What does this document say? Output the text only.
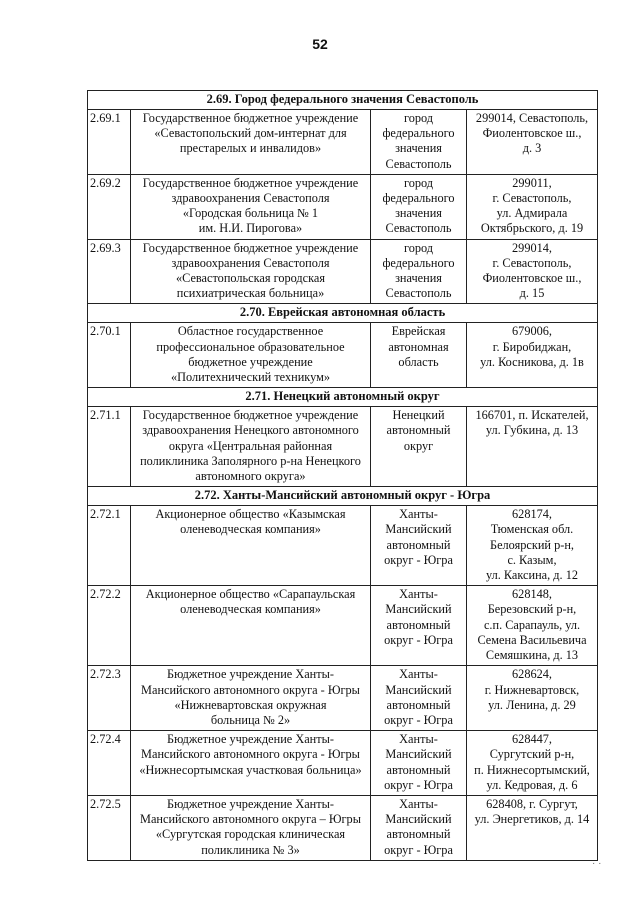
52
2.69. Город федерального значения Севастополь			
2.69.1	Государственное бюджетное учреждение
«Севастопольский дом-интернат для
престарелых и инвалидов»	город
федерального
значения
Севастополь	299014, Севастополь,
Фиолентовское ш.,
д. 3

2.69.2	Государственное бюджетное учреждение
здравоохранения Севастополя
«Городская больница № 1
им. Н.И. Пирогова»	город
федерального
значения
Севастополь	299011,
г. Севастополь,
ул. Адмирала
Октябрьского, д. 19

2.69.3	Государственное бюджетное учреждение
здравоохранения Севастополя
«Севастопольская городская
психиатрическая больница»	город
федерального
значения
Севастополь	299014,
г. Севастополь,
Фиолентовское ш.,
д. 15

2.70. Еврейская автономная область			
2.70.1	Областное государственное
профессиональное образовательное
бюджетное учреждение
«Политехнический техникум»	Еврейская
автономная
область	679006,
г. Биробиджан,
ул. Косникова, д. 1в

2.71. Ненецкий автономный округ			
2.71.1	Государственное бюджетное учреждение
здравоохранения Ненецкого автономного
округа «Центральная районная
поликлиника Заполярного р-на Ненецкого
автономного округа»	Ненецкий
автономный
округ	166701, п. Искателей,
ул. Губкина, д. 13

2.72. Ханты-Мансийский автономный округ - Югра			
2.72.1	Акционерное общество «Казымская
оленеводческая компания»	Ханты-
Мансийский
автономный
округ - Югра	628174,
Тюменская обл.
Белоярский р-н,
с. Казым,
ул. Каксина, д. 12

2.72.2	Акционерное общество «Сарапаульская
оленеводческая компания»	Ханты-
Мансийский
автономный
округ - Югра	628148,
Березовский р-н,
с.п. Сарапауль, ул.
Семена Васильевича
Семяшкина, д. 13

2.72.3	Бюджетное учреждение Ханты-
Мансийского автономного округа - Югры
«Нижневартовская окружная
больница № 2»	Ханты-
Мансийский
автономный
округ - Югра	628624,
г. Нижневартовск,
ул. Ленина, д. 29

2.72.4	Бюджетное учреждение Ханты-
Мансийского автономного округа - Югры
«Нижнесортымская участковая больница»	Ханты-
Мансийский
автономный
округ - Югра	628447,
Сургутский р-н,
п. Нижнесортымский,
ул. Кедровая, д. 6

2.72.5	Бюджетное учреждение Ханты-
Мансийского автономного округа – Югры
«Сургутская городская клиническая
поликлиника № 3»	Ханты-
Мансийский
автономный
округ - Югра	628408, г. Сургут,
ул. Энергетиков, д. 14
· ·
